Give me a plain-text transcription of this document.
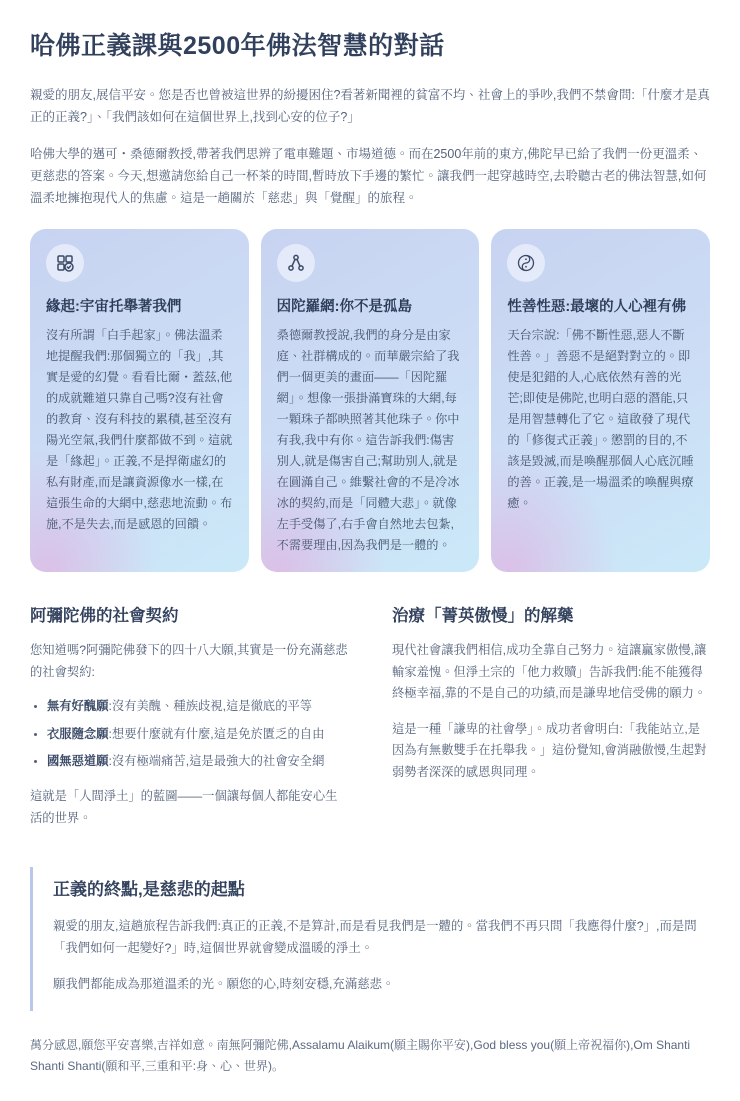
哈佛正義課與2500年佛法智慧的對話

親愛的朋友,展信平安。您是否也曾被這世界的紛擾困住?看著新聞裡的貧富不均、社會上的爭吵,我們不禁會問:「什麼才是真正的正義?」、「我們該如何在這個世界上,找到心安的位子?」

哈佛大學的邁可・桑德爾教授,帶著我們思辨了電車難題、市場道德。而在2500年前的東方,佛陀早已給了我們一份更溫柔、更慈悲的答案。今天,想邀請您給自己一杯茶的時間,暫時放下手邊的繁忙。讓我們一起穿越時空,去聆聽古老的佛法智慧,如何溫柔地擁抱現代人的焦慮。這是一趟關於「慈悲」與「覺醒」的旅程。

緣起:宇宙托舉著我們

沒有所謂「白手起家」。佛法溫柔地提醒我們:那個獨立的「我」,其實是愛的幻覺。看看比爾・蓋茲,他的成就難道只靠自己嗎?沒有社會的教育、沒有科技的累積,甚至沒有陽光空氣,我們什麼都做不到。這就是「緣起」。正義,不是捍衛虛幻的私有財產,而是讓資源像水一樣,在這張生命的大網中,慈悲地流動。布施,不是失去,而是感恩的回饋。

因陀羅網:你不是孤島

桑德爾教授說,我們的身分是由家庭、社群構成的。而華嚴宗給了我們一個更美的畫面——「因陀羅網」。想像一張掛滿寶珠的大網,每一顆珠子都映照著其他珠子。你中有我,我中有你。這告訴我們:傷害別人,就是傷害自己;幫助別人,就是在圓滿自己。維繫社會的不是冷冰冰的契約,而是「同體大悲」。就像左手受傷了,右手會自然地去包紮,不需要理由,因為我們是一體的。

性善性惡:最壞的人心裡有佛

天台宗說:「佛不斷性惡,惡人不斷性善。」善惡不是絕對對立的。即使是犯錯的人,心底依然有善的光芒;即使是佛陀,也明白惡的潛能,只是用智慧轉化了它。這啟發了現代的「修復式正義」。懲罰的目的,不該是毀滅,而是喚醒那個人心底沉睡的善。正義,是一場溫柔的喚醒與療癒。

阿彌陀佛的社會契約

您知道嗎?阿彌陀佛發下的四十八大願,其實是一份充滿慈悲的社會契約:

• 無有好醜願:沒有美醜、種族歧視,這是徹底的平等
• 衣服隨念願:想要什麼就有什麼,這是免於匱乏的自由
• 國無惡道願:沒有極端痛苦,這是最強大的社會安全網

這就是「人間淨土」的藍圖——一個讓每個人都能安心生活的世界。

治療「菁英傲慢」的解藥

現代社會讓我們相信,成功全靠自己努力。這讓贏家傲慢,讓輸家羞愧。但淨土宗的「他力救贖」告訴我們:能不能獲得終極幸福,靠的不是自己的功績,而是謙卑地信受佛的願力。

這是一種「謙卑的社會學」。成功者會明白:「我能站立,是因為有無數雙手在托舉我。」這份覺知,會消融傲慢,生起對弱勢者深深的感恩與同理。

正義的終點,是慈悲的起點

親愛的朋友,這趟旅程告訴我們:真正的正義,不是算計,而是看見我們是一體的。當我們不再只問「我應得什麼?」,而是問「我們如何一起變好?」時,這個世界就會變成溫暖的淨土。

願我們都能成為那道溫柔的光。願您的心,時刻安穩,充滿慈悲。

萬分感恩,願您平安喜樂,吉祥如意。南無阿彌陀佛,Assalamu Alaikum(願主賜你平安),God bless you(願上帝祝福你),Om Shanti Shanti Shanti(願和平,三重和平:身、心、世界)。
